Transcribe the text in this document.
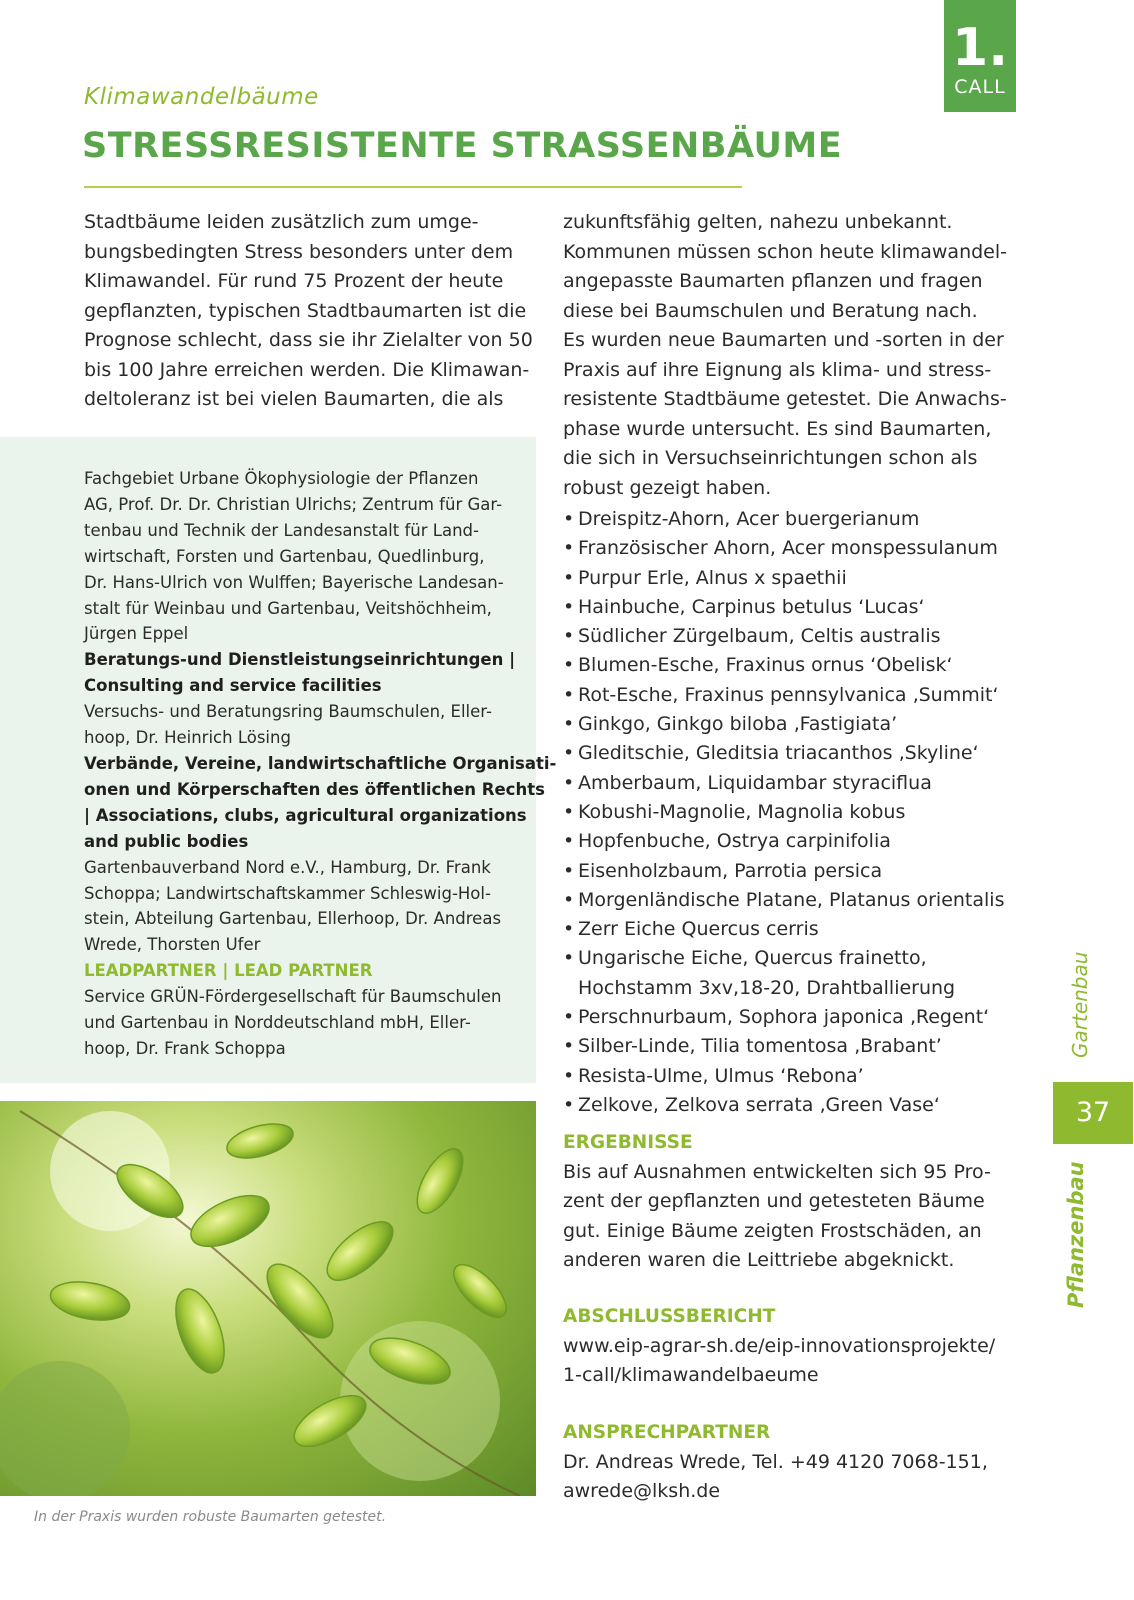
1.
CALL
Klimawandelbäume
STRESSRESISTENTE STRASSENBÄUME
Stadtbäume leiden zusätzlich zum umge-
bungsbedingten Stress besonders unter dem
Klimawandel. Für rund 75 Prozent der heute
gepflanzten, typischen Stadtbaumarten ist die
Prognose schlecht, dass sie ihr Zielalter von 50
bis 100 Jahre erreichen werden. Die Klimawan-
deltoleranz ist bei vielen Baumarten, die als
Fachgebiet Urbane Ökophysiologie der Pflanzen
AG, Prof. Dr. Dr. Christian Ulrichs; Zentrum für Gar-
tenbau und Technik der Landesanstalt für Land-
wirtschaft, Forsten und Gartenbau, Quedlinburg,
Dr. Hans-Ulrich von Wulffen; Bayerische Landesan-
stalt für Weinbau und Gartenbau, Veitshöchheim,
Jürgen Eppel
Beratungs-und Dienstleistungseinrichtungen |
Consulting and service facilities
Versuchs- und Beratungsring Baumschulen, Eller-
hoop, Dr. Heinrich Lösing
Verbände, Vereine, landwirtschaftliche Organisati-
onen und Körperschaften des öffentlichen Rechts
| Associations, clubs, agricultural organizations
and public bodies
Gartenbauverband Nord e.V., Hamburg, Dr. Frank
Schoppa; Landwirtschaftskammer Schleswig-Hol-
stein, Abteilung Gartenbau, Ellerhoop, Dr. Andreas
Wrede, Thorsten Ufer
LEADPARTNER | LEAD PARTNER
Service GRÜN-Fördergesellschaft für Baumschulen
und Gartenbau in Norddeutschland mbH, Eller-
hoop, Dr. Frank Schoppa
In der Praxis wurden robuste Baumarten getestet.
zukunftsfähig gelten, nahezu unbekannt.
Kommunen müssen schon heute klimawandel-
angepasste Baumarten pflanzen und fragen
diese bei Baumschulen und Beratung nach.
Es wurden neue Baumarten und -sorten in der
Praxis auf ihre Eignung als klima- und stress-
resistente Stadtbäume getestet. Die Anwachs-
phase wurde untersucht. Es sind Baumarten,
die sich in Versuchseinrichtungen schon als
robust gezeigt haben.
• Dreispitz-Ahorn, Acer buergerianum
• Französischer Ahorn, Acer monspessulanum
• Purpur Erle, Alnus x spaethii
• Hainbuche, Carpinus betulus ‘Lucas‘
• Südlicher Zürgelbaum, Celtis australis
• Blumen-Esche, Fraxinus ornus ‘Obelisk‘
• Rot-Esche, Fraxinus pennsylvanica ‚Summit‘
• Ginkgo, Ginkgo biloba ‚Fastigiata’
• Gleditschie, Gleditsia triacanthos ‚Skyline‘
• Amberbaum, Liquidambar styraciflua
• Kobushi-Magnolie, Magnolia kobus
• Hopfenbuche, Ostrya carpinifolia
• Eisenholzbaum, Parrotia persica
• Morgenländische Platane, Platanus orientalis
• Zerr Eiche Quercus cerris
• Ungarische Eiche, Quercus frainetto,
Hochstamm 3xv,18-20, Drahtballierung
• Perschnurbaum, Sophora japonica ‚Regent‘
• Silber-Linde, Tilia tomentosa ‚Brabant’
• Resista-Ulme, Ulmus ‘Rebona’
• Zelkove, Zelkova serrata ‚Green Vase‘
ERGEBNISSE
Bis auf Ausnahmen entwickelten sich 95 Pro-
zent der gepflanzten und getesteten Bäume
gut. Einige Bäume zeigten Frostschäden, an
anderen waren die Leittriebe abgeknickt.
ABSCHLUSSBERICHT
www.eip-agrar-sh.de/eip-innovationsprojekte/
1-call/klimawandelbaeume
ANSPRECHPARTNER
Dr. Andreas Wrede, Tel. +49 4120 7068-151,
awrede@lksh.de
Gartenbau
37
Pflanzenbau
